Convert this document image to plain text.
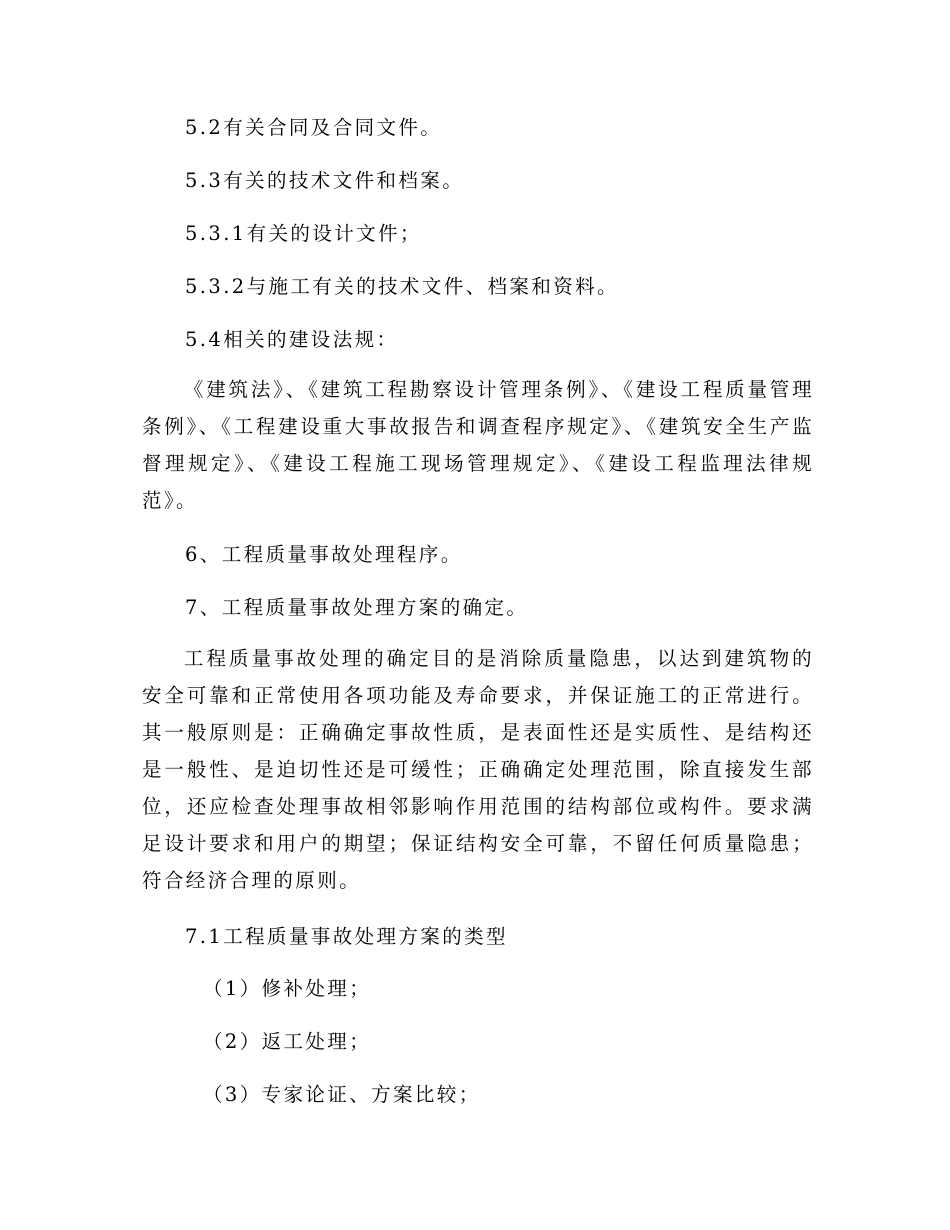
5.2有关合同及合同文件。
5.3有关的技术文件和档案。
5.3.1有关的设计文件；
5.3.2与施工有关的技术文件、档案和资料。
5.4相关的建设法规：
《建筑法》、《建筑工程勘察设计管理条例》、《建设工程质量管理条例》、《工程建设重大事故报告和调查程序规定》、《建筑安全生产监督理规定》、《建设工程施工现场管理规定》、《建设工程监理法律规范》。
6、工程质量事故处理程序。
7、工程质量事故处理方案的确定。
工程质量事故处理的确定目的是消除质量隐患，以达到建筑物的安全可靠和正常使用各项功能及寿命要求，并保证施工的正常进行。其一般原则是：正确确定事故性质，是表面性还是实质性、是结构还是一般性、是迫切性还是可缓性；正确确定处理范围，除直接发生部位，还应检查处理事故相邻影响作用范围的结构部位或构件。要求满足设计要求和用户的期望；保证结构安全可靠，不留任何质量隐患；符合经济合理的原则。
7.1工程质量事故处理方案的类型
（1）修补处理；
（2）返工处理；
（3）专家论证、方案比较；
